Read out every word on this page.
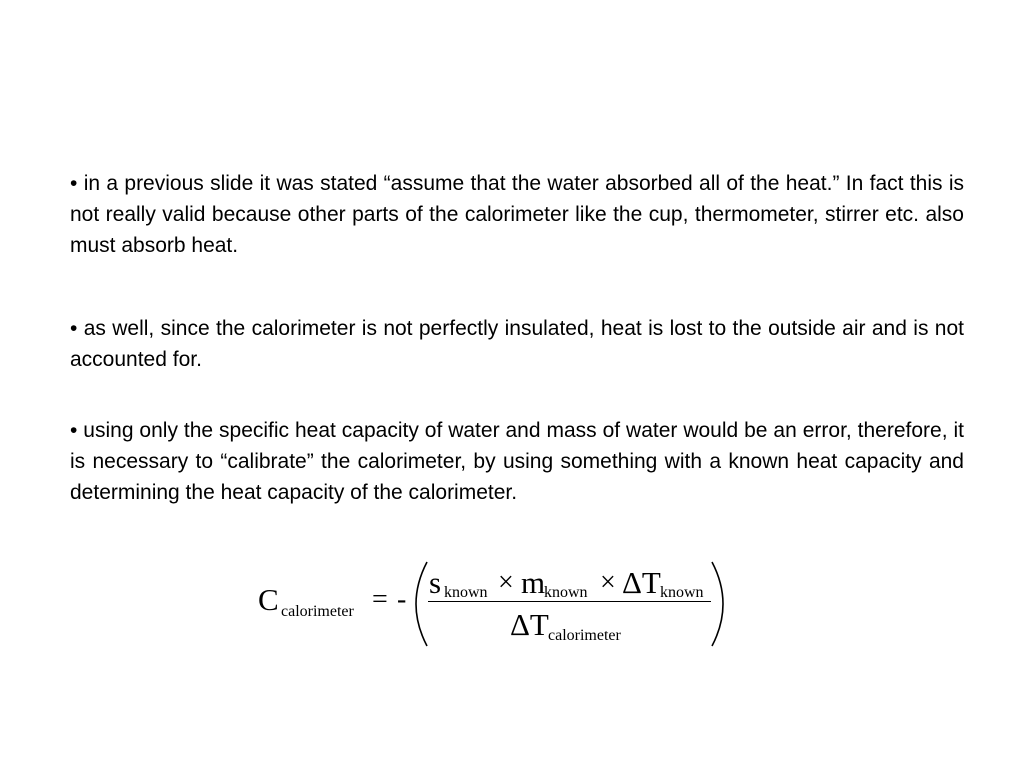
• in a previous slide it was stated “assume that the water absorbed all of the heat.” In fact this is not really valid because other parts of the calorimeter like the cup, thermometer, stirrer etc. also must absorb heat.
• as well, since the calorimeter is not perfectly insulated, heat is lost to the outside air and is not accounted for.
• using only the specific heat capacity of water and mass of water would be an error, therefore, it is necessary to “calibrate” the calorimeter, by using something with a known heat capacity and determining the heat capacity of the calorimeter.
C calorimeter = - s known × m
known × ΔT known
ΔT calorimeter
